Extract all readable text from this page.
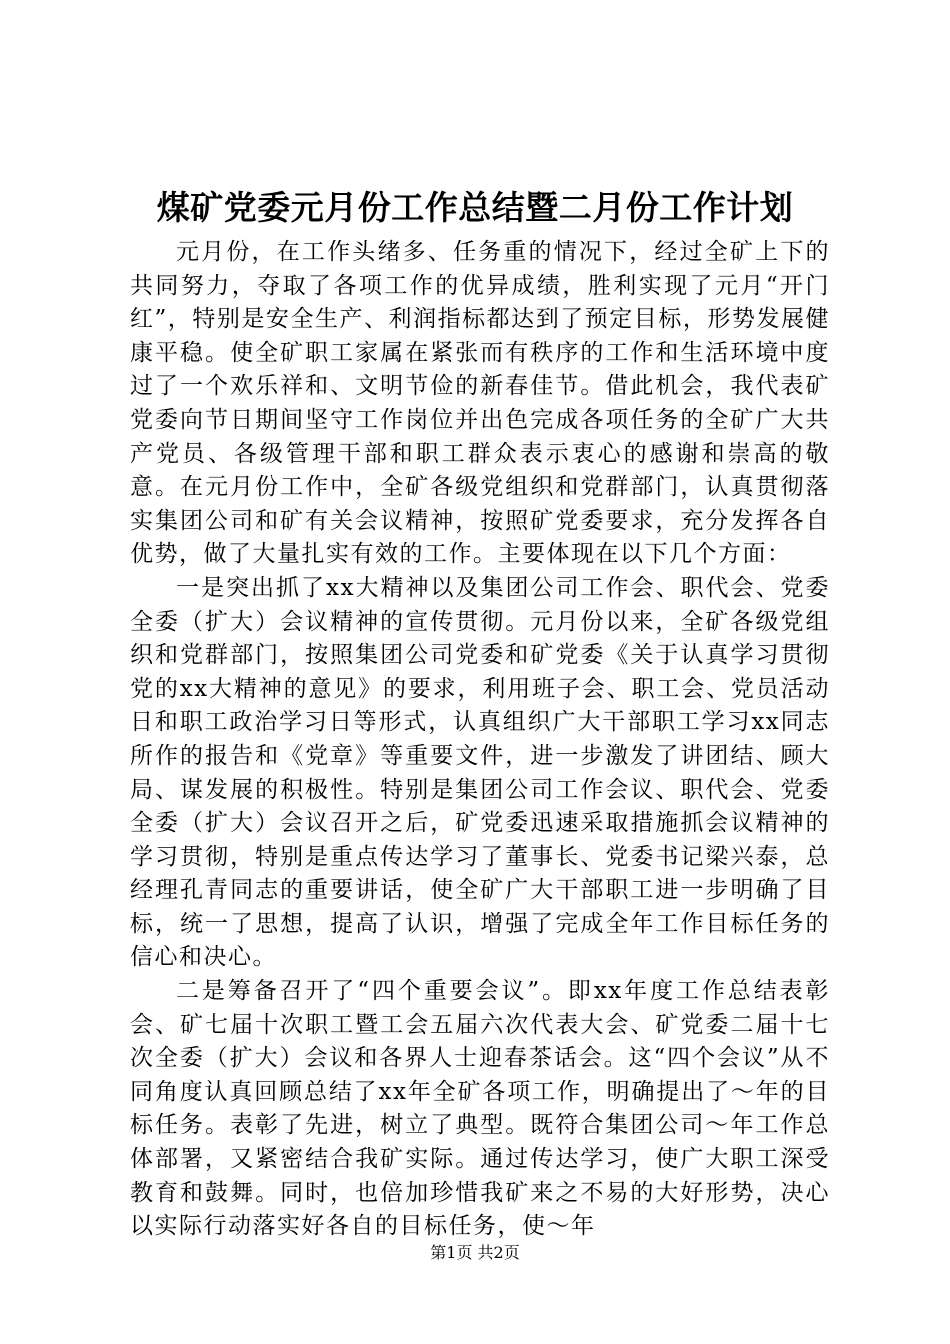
煤矿党委元月份工作总结暨二月份工作计划

元月份，在工作头绪多、任务重的情况下，经过全矿上下的共同努力，夺取了各项工作的优异成绩，胜利实现了元月“开门红”，特别是安全生产、利润指标都达到了预定目标，形势发展健康平稳。使全矿职工家属在紧张而有秩序的工作和生活环境中度过了一个欢乐祥和、文明节俭的新春佳节。借此机会，我代表矿党委向节日期间坚守工作岗位并出色完成各项任务的全矿广大共产党员、各级管理干部和职工群众表示衷心的感谢和崇高的敬意。在元月份工作中，全矿各级党组织和党群部门，认真贯彻落实集团公司和矿有关会议精神，按照矿党委要求，充分发挥各自优势，做了大量扎实有效的工作。主要体现在以下几个方面：

一是突出抓了xx大精神以及集团公司工作会、职代会、党委全委（扩大）会议精神的宣传贯彻。元月份以来，全矿各级党组织和党群部门，按照集团公司党委和矿党委《关于认真学习贯彻党的xx大精神的意见》的要求，利用班子会、职工会、党员活动日和职工政治学习日等形式，认真组织广大干部职工学习xx同志所作的报告和《党章》等重要文件，进一步激发了讲团结、顾大局、谋发展的积极性。特别是集团公司工作会议、职代会、党委全委（扩大）会议召开之后，矿党委迅速采取措施抓会议精神的学习贯彻，特别是重点传达学习了董事长、党委书记梁兴泰，总经理孔青同志的重要讲话，使全矿广大干部职工进一步明确了目标，统一了思想，提高了认识，增强了完成全年工作目标任务的信心和决心。

二是筹备召开了“四个重要会议”。即xx年度工作总结表彰会、矿七届十次职工暨工会五届六次代表大会、矿党委二届十七次全委（扩大）会议和各界人士迎春茶话会。这“四个会议”从不同角度认真回顾总结了xx年全矿各项工作，明确提出了～年的目标任务。表彰了先进，树立了典型。既符合集团公司～年工作总体部署，又紧密结合我矿实际。通过传达学习，使广大职工深受教育和鼓舞。同时，也倍加珍惜我矿来之不易的大好形势，决心以实际行动落实好各自的目标任务，使～年

第1页 共2页
